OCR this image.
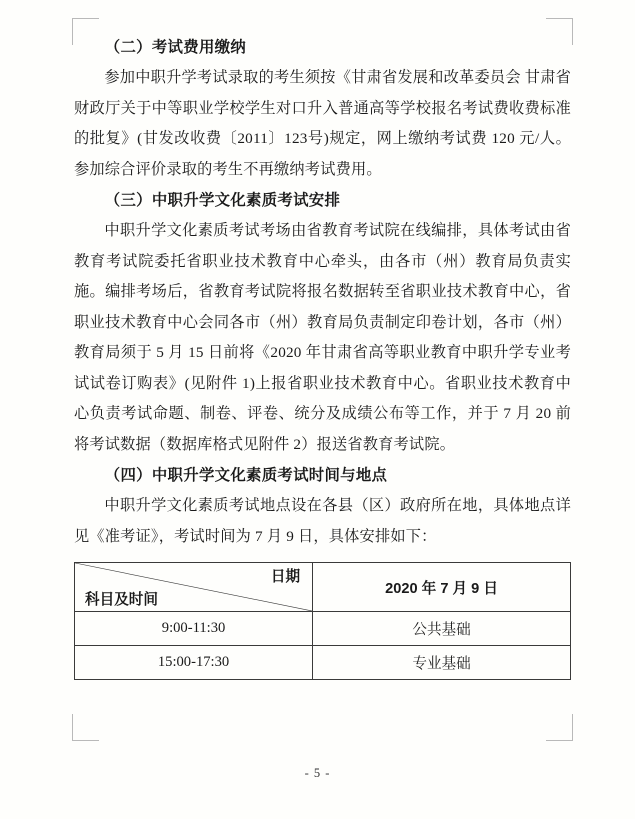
（二）考试费用缴纳

参加中职升学考试录取的考生须按《甘肃省发展和改革委员会 甘肃省财政厅关于中等职业学校学生对口升入普通高等学校报名考试费收费标准的批复》(甘发改收费〔2011〕123号)规定，网上缴纳考试费 120 元/人。参加综合评价录取的考生不再缴纳考试费用。

（三）中职升学文化素质考试安排

中职升学文化素质考试考场由省教育考试院在线编排，具体考试由省教育考试院委托省职业技术教育中心牵头，由各市（州）教育局负责实施。编排考场后，省教育考试院将报名数据转至省职业技术教育中心，省职业技术教育中心会同各市（州）教育局负责制定印卷计划，各市（州）教育局须于 5 月 15 日前将《2020 年甘肃省高等职业教育中职升学专业考试试卷订购表》(见附件 1)上报省职业技术教育中心。省职业技术教育中心负责考试命题、制卷、评卷、统分及成绩公布等工作，并于 7 月 20 前将考试数据（数据库格式见附件 2）报送省教育考试院。

（四）中职升学文化素质考试时间与地点

中职升学文化素质考试地点设在各县（区）政府所在地，具体地点详见《准考证》，考试时间为 7 月 9 日，具体安排如下：

日期
科目及时间	2020 年 7 月 9 日
9:00-11:30	公共基础
15:00-17:30	专业基础
- 5 -
